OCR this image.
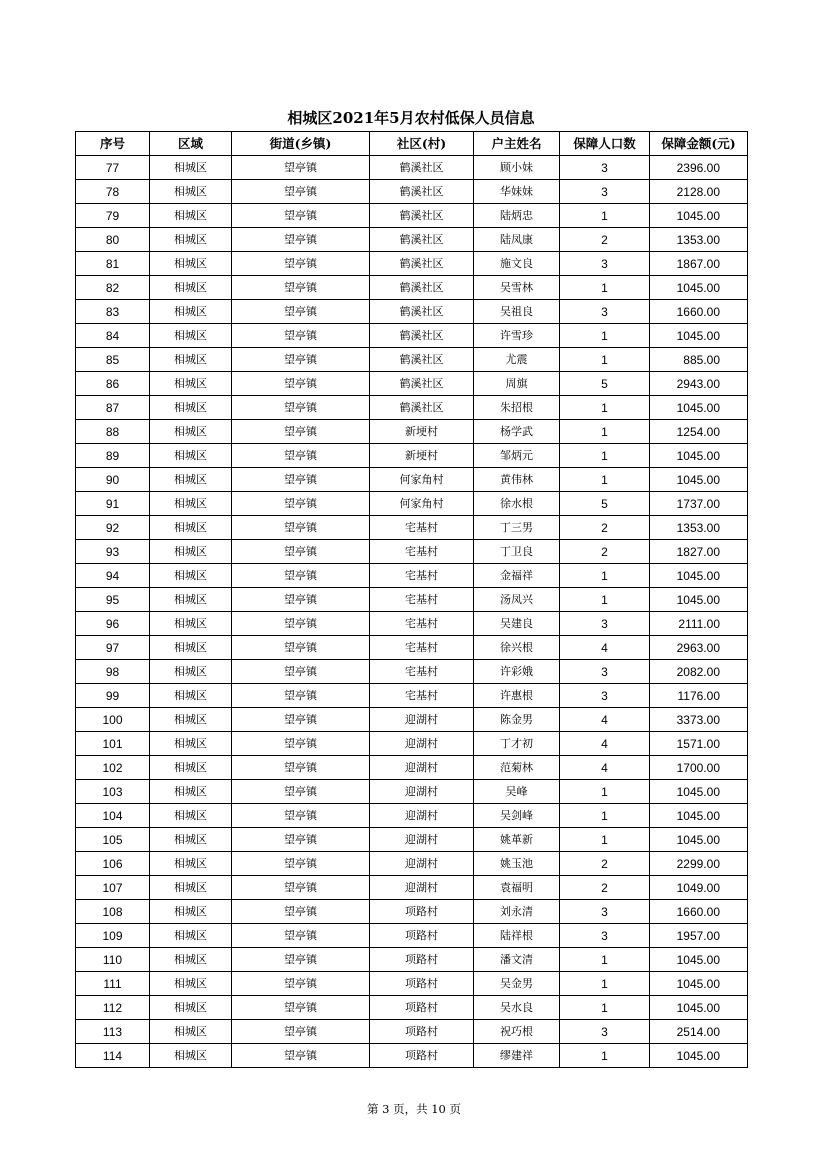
相城区2021年5月农村低保人员信息
序号	区域	街道(乡镇)	社区(村)	户主姓名	保障人口数	保障金额(元)
77	相城区	望亭镇	鹤溪社区	顾小妹	3	2396.00
78	相城区	望亭镇	鹤溪社区	华妹妹	3	2128.00
79	相城区	望亭镇	鹤溪社区	陆炳忠	1	1045.00
80	相城区	望亭镇	鹤溪社区	陆凤康	2	1353.00
81	相城区	望亭镇	鹤溪社区	施文良	3	1867.00
82	相城区	望亭镇	鹤溪社区	吴雪林	1	1045.00
83	相城区	望亭镇	鹤溪社区	吴祖良	3	1660.00
84	相城区	望亭镇	鹤溪社区	许雪珍	1	1045.00
85	相城区	望亭镇	鹤溪社区	尤震	1	885.00
86	相城区	望亭镇	鹤溪社区	周旗	5	2943.00
87	相城区	望亭镇	鹤溪社区	朱招根	1	1045.00
88	相城区	望亭镇	新埂村	杨学武	1	1254.00
89	相城区	望亭镇	新埂村	邹炳元	1	1045.00
90	相城区	望亭镇	何家角村	黄伟林	1	1045.00
91	相城区	望亭镇	何家角村	徐水根	5	1737.00
92	相城区	望亭镇	宅基村	丁三男	2	1353.00
93	相城区	望亭镇	宅基村	丁卫良	2	1827.00
94	相城区	望亭镇	宅基村	金福祥	1	1045.00
95	相城区	望亭镇	宅基村	汤凤兴	1	1045.00
96	相城区	望亭镇	宅基村	吴建良	3	2111.00
97	相城区	望亭镇	宅基村	徐兴根	4	2963.00
98	相城区	望亭镇	宅基村	许彩娥	3	2082.00
99	相城区	望亭镇	宅基村	许惠根	3	1176.00
100	相城区	望亭镇	迎湖村	陈金男	4	3373.00
101	相城区	望亭镇	迎湖村	丁才初	4	1571.00
102	相城区	望亭镇	迎湖村	范菊林	4	1700.00
103	相城区	望亭镇	迎湖村	吴峰	1	1045.00
104	相城区	望亭镇	迎湖村	吴剑峰	1	1045.00
105	相城区	望亭镇	迎湖村	姚革新	1	1045.00
106	相城区	望亭镇	迎湖村	姚玉池	2	2299.00
107	相城区	望亭镇	迎湖村	袁福明	2	1049.00
108	相城区	望亭镇	项路村	刘永清	3	1660.00
109	相城区	望亭镇	项路村	陆祥根	3	1957.00
110	相城区	望亭镇	项路村	潘文清	1	1045.00
111	相城区	望亭镇	项路村	吴金男	1	1045.00
112	相城区	望亭镇	项路村	吴水良	1	1045.00
113	相城区	望亭镇	项路村	祝巧根	3	2514.00
114	相城区	望亭镇	项路村	缪建祥	1	1045.00
第 3 页，共 10 页
